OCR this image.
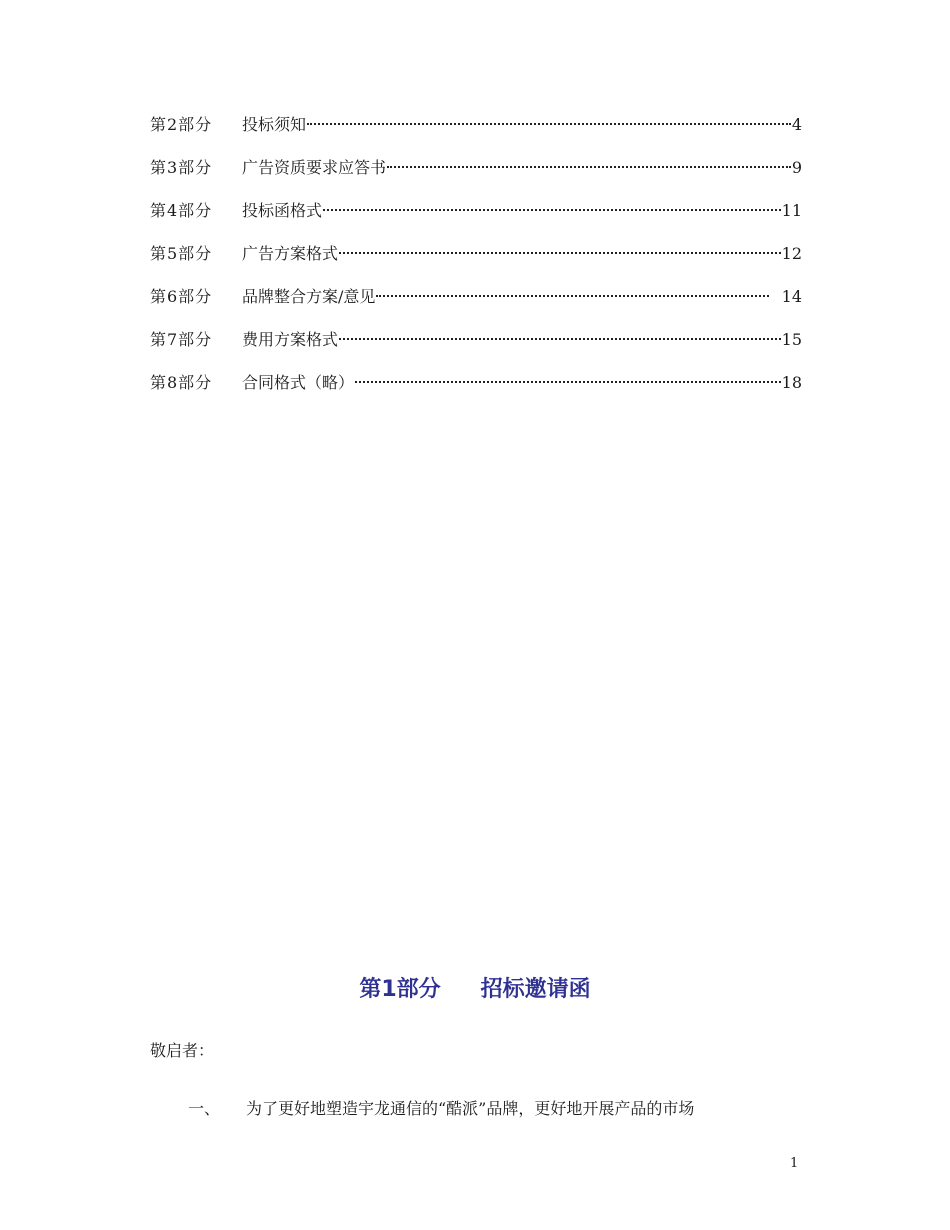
第2部分	投标须知	4
第3部分	广告资质要求应答书	9
第4部分	投标函格式	11
第5部分	广告方案格式	12
第6部分	品牌整合方案/意见	14
第7部分	费用方案格式	15
第8部分	合同格式（略）	18
第1部分 招标邀请函
敬启者：
一、 为了更好地塑造宇龙通信的“酷派”品牌，更好地开展产品的市场
1
